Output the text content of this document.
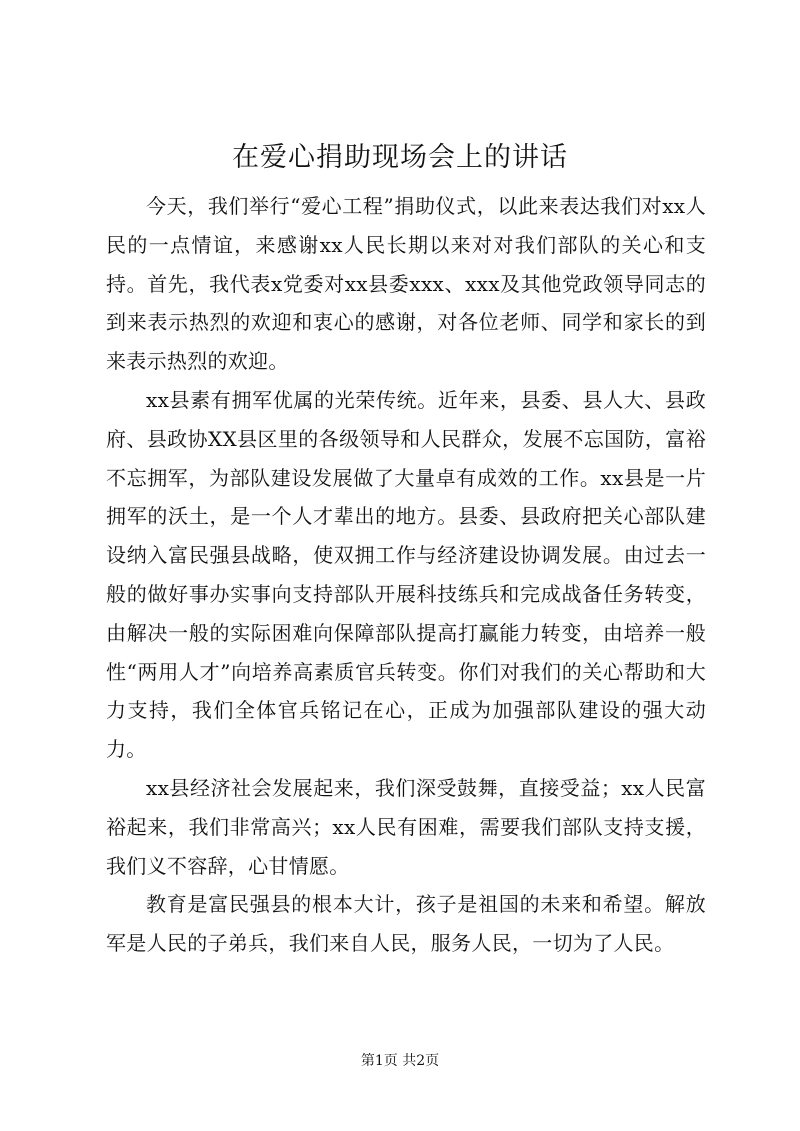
在爱心捐助现场会上的讲话

今天，我们举行“爱心工程”捐助仪式，以此来表达我们对xx人民的一点情谊，来感谢xx人民长期以来对对我们部队的关心和支持。首先，我代表x党委对xx县委xxx、xxx及其他党政领导同志的到来表示热烈的欢迎和衷心的感谢，对各位老师、同学和家长的到来表示热烈的欢迎。

xx县素有拥军优属的光荣传统。近年来，县委、县人大、县政府、县政协XX县区里的各级领导和人民群众，发展不忘国防，富裕不忘拥军，为部队建设发展做了大量卓有成效的工作。xx县是一片拥军的沃土，是一个人才辈出的地方。县委、县政府把关心部队建设纳入富民强县战略，使双拥工作与经济建设协调发展。由过去一般的做好事办实事向支持部队开展科技练兵和完成战备任务转变，由解决一般的实际困难向保障部队提高打赢能力转变，由培养一般性“两用人才”向培养高素质官兵转变。你们对我们的关心帮助和大力支持，我们全体官兵铭记在心，正成为加强部队建设的强大动力。

xx县经济社会发展起来，我们深受鼓舞，直接受益；xx人民富裕起来，我们非常高兴；xx人民有困难，需要我们部队支持支援，我们义不容辞，心甘情愿。

教育是富民强县的根本大计，孩子是祖国的未来和希望。解放军是人民的子弟兵，我们来自人民，服务人民，一切为了人民。

第1页 共2页
